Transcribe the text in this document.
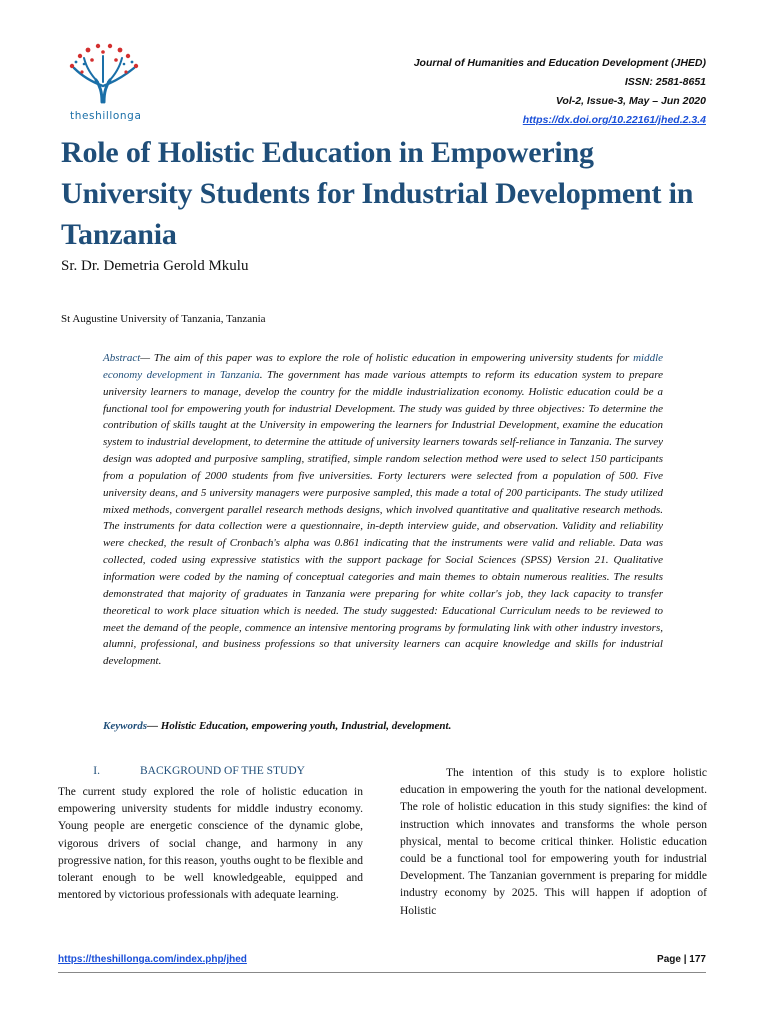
theshillonga
Journal of Humanities and Education Development (JHED)
ISSN: 2581-8651
Vol-2, Issue-3, May – Jun 2020
https://dx.doi.org/10.22161/jhed.2.3.4
Role of Holistic Education in Empowering University Students for Industrial Development in Tanzania
Sr. Dr. Demetria Gerold Mkulu
St Augustine University of Tanzania, Tanzania

Abstract— The aim of this paper was to explore the role of holistic education in empowering university students for middle economy development in Tanzania. The government has made various attempts to reform its education system to prepare university learners to manage, develop the country for the middle industrialization economy. Holistic education could be a functional tool for empowering youth for industrial Development. The study was guided by three objectives: To determine the contribution of skills taught at the University in empowering the learners for Industrial Development, examine the education system to industrial development, to determine the attitude of university learners towards self-reliance in Tanzania. The survey design was adopted and purposive sampling, stratified, simple random selection method were used to select 150 participants from a population of 2000 students from five universities. Forty lecturers were selected from a population of 500. Five university deans, and 5 university managers were purposive sampled, this made a total of 200 participants. The study utilized mixed methods, convergent parallel research methods designs, which involved quantitative and qualitative research methods. The instruments for data collection were a questionnaire, in-depth interview guide, and observation. Validity and reliability were checked, the result of Cronbach's alpha was 0.861 indicating that the instruments were valid and reliable. Data was collected, coded using expressive statistics with the support package for Social Sciences (SPSS) Version 21. Qualitative information were coded by the naming of conceptual categories and main themes to obtain numerous realities. The results demonstrated that majority of graduates in Tanzania were preparing for white collar's job, they lack capacity to transfer theoretical to work place situation which is needed. The study suggested: Educational Curriculum needs to be reviewed to meet the demand of the people, commence an intensive mentoring programs by formulating link with other industry investors, alumni, professional, and business professions so that university learners can acquire knowledge and skills for industrial development.

Keywords— Holistic Education, empowering youth, Industrial, development.

I.	BACKGROUND OF THE STUDY

The current study explored the role of holistic education in empowering university students for middle industry economy. Young people are energetic conscience of the dynamic globe, vigorous drivers of social change, and harmony in any progressive nation, for this reason, youths ought to be flexible and tolerant enough to be well knowledgeable, equipped and mentored by victorious professionals with adequate learning.

The intention of this study is to explore holistic education in empowering the youth for the national development. The role of holistic education in this study signifies: the kind of instruction which innovates and transforms the whole person physical, mental to become critical thinker. Holistic education could be a functional tool for empowering youth for industrial Development. The Tanzanian government is preparing for middle industry economy by 2025. This will happen if adoption of Holistic

https://theshillonga.com/index.php/jhed	Page | 177
